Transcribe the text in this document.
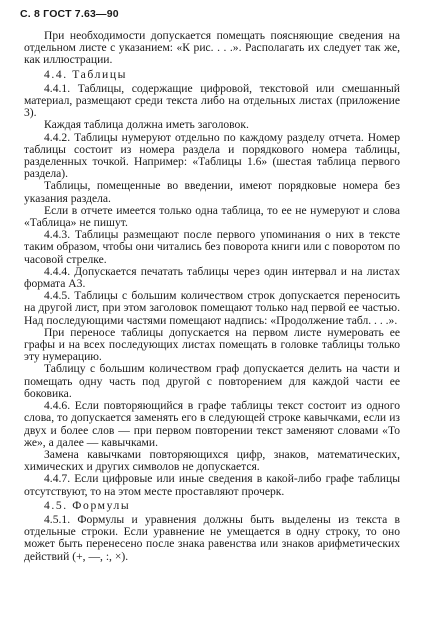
С. 8 ГОСТ 7.63—90

При необходимости допускается помещать поясняющие сведения на отдельном листе с указанием: «К рис. . . .». Располагать их следует так же, как иллюстрации.

4.4. Таблицы

4.4.1. Таблицы, содержащие цифровой, текстовой или смешанный материал, размещают среди текста либо на отдельных листах (приложение 3).

Каждая таблица должна иметь заголовок.

4.4.2. Таблицы нумеруют отдельно по каждому разделу отчета. Номер таблицы состоит из номера раздела и порядкового номера таблицы, разделенных точкой. Например: «Таблицы 1.6» (шестая таблица первого раздела).

Таблицы, помещенные во введении, имеют порядковые номера без указания раздела.

Если в отчете имеется только одна таблица, то ее не нумеруют и слова «Таблица» не пишут.

4.4.3. Таблицы размещают после первого упоминания о них в тексте таким образом, чтобы они читались без поворота книги или с поворотом по часовой стрелке.

4.4.4. Допускается печатать таблицы через один интервал и на листах формата А3.

4.4.5. Таблицы с большим количеством строк допускается переносить на другой лист, при этом заголовок помещают только над первой ее частью. Над последующими частями помещают надпись: «Продолжение табл. . . .».

При переносе таблицы допускается на первом листе нумеровать ее графы и на всех последующих листах помещать в головке таблицы только эту нумерацию.

Таблицу с большим количеством граф допускается делить на части и помещать одну часть под другой с повторением для каждой части ее боковика.

4.4.6. Если повторяющийся в графе таблицы текст состоит из одного слова, то допускается заменять его в следующей строке кавычками, если из двух и более слов — при первом повторении текст заменяют словами «То же», а далее — кавычками.

Замена кавычками повторяющихся цифр, знаков, математических, химических и других символов не допускается.

4.4.7. Если цифровые или иные сведения в какой-либо графе таблицы отсутствуют, то на этом месте проставляют прочерк.

4.5. Формулы

4.5.1. Формулы и уравнения должны быть выделены из текста в отдельные строки. Если уравнение не умещается в одну строку, то оно может быть перенесено после знака равенства или знаков арифметических действий (+, —, :, ×).
